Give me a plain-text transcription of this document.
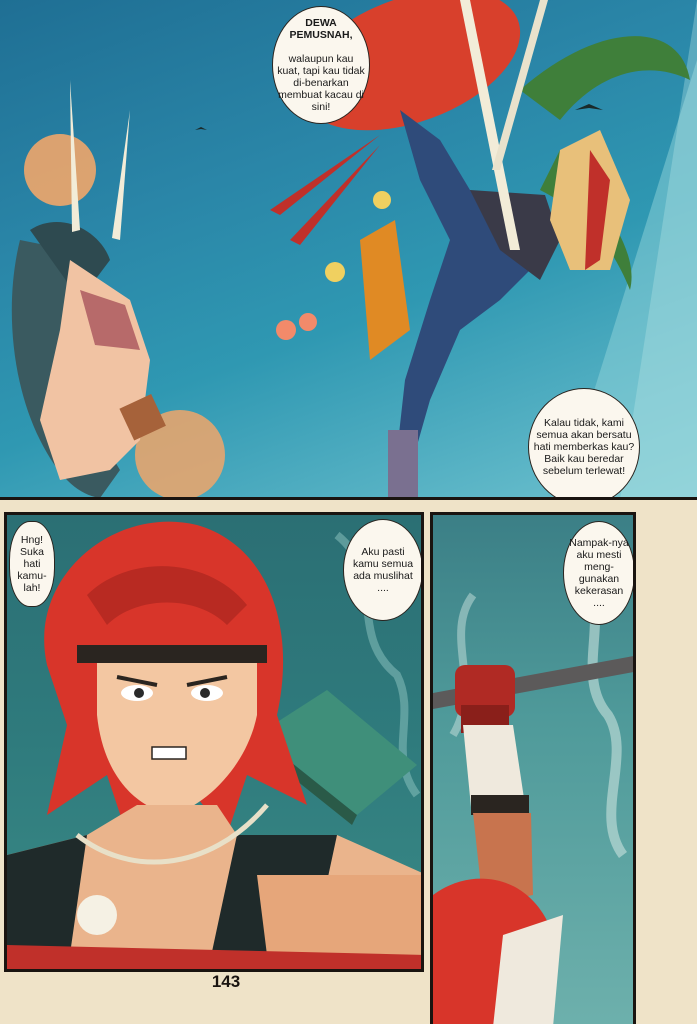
DEWA PEMUSNAH,

walaupun kau kuat, tapi kau tidak di-benarkan membuat kacau di sini!

Kalau tidak, kami semua akan bersatu hati memberkas kau? Baik kau beredar sebelum terlewat!
Hng! Suka hati kamu-lah!
Aku pasti kamu semua ada muslihat ....
Nampak-nya aku mesti meng-gunakan kekerasan ....
143
